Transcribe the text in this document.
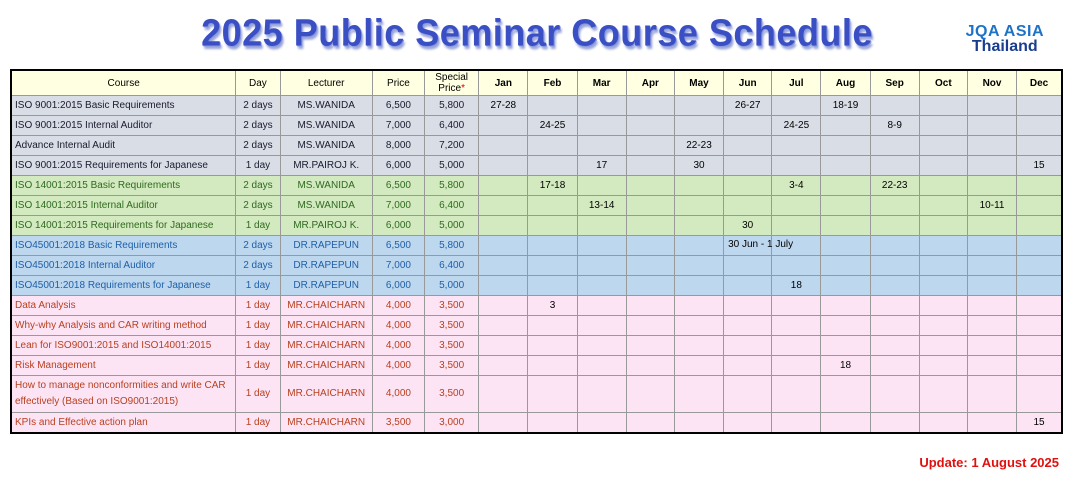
2025 Public Seminar Course Schedule	JQA ASIA
Thailand
Course	Day	Lecturer	Price	Special Price*	Jan	Feb	Mar	Apr	May	Jun	Jul	Aug	Sep	Oct	Nov	Dec
ISO 9001:2015 Basic Requirements	2 days	MS.WANIDA	6,500	5,800	27-28					26-27		18-19				
ISO 9001:2015 Internal Auditor	2 days	MS.WANIDA	7,000	6,400		24-25					24-25		8-9			
Advance Internal Audit	2 days	MS.WANIDA	8,000	7,200					22-23							
ISO 9001:2015 Requirements for Japanese	1 day	MR.PAIROJ K.	6,000	5,000			17		30							15
ISO 14001:2015 Basic Requirements	2 days	MS.WANIDA	6,500	5,800		17-18					3-4		22-23			
ISO 14001:2015 Internal Auditor	2 days	MS.WANIDA	7,000	6,400			13-14								10-11	
ISO 14001:2015 Requirements for Japanese	1 day	MR.PAIROJ K.	6,000	5,000						30						
ISO45001:2018 Basic Requirements	2 days	DR.RAPEPUN	6,500	5,800						30 Jun - 1 July						

ISO45001:2018 Internal Auditor	2 days	DR.RAPEPUN	7,000	6,400												
ISO45001:2018 Requirements for Japanese	1 day	DR.RAPEPUN	6,000	5,000							18					
Data Analysis	1 day	MR.CHAICHARN	4,000	3,500		3										
Why-why Analysis and CAR writing method	1 day	MR.CHAICHARN	4,000	3,500												
Lean for ISO9001:2015 and ISO14001:2015	1 day	MR.CHAICHARN	4,000	3,500												
Risk Management	1 day	MR.CHAICHARN	4,000	3,500								18				
How to manage nonconformities and write CAR effectively (Based on ISO9001:2015)	1 day	MR.CHAICHARN	4,000	3,500												
KPIs and Effective action plan	1 day	MR.CHAICHARN	3,500	3,000												15
Update: 1 August 2025
